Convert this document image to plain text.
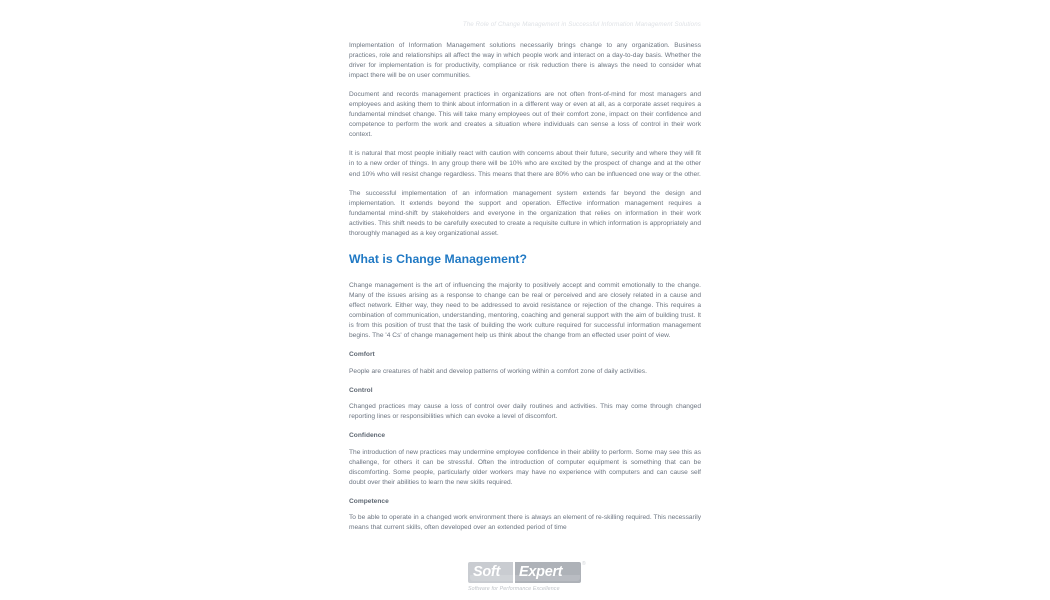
The Role of Change Management in Successful Information Management Solutions

Implementation of Information Management solutions necessarily brings change to any organization. Business practices, role and relationships all affect the way in which people work and interact on a day-to-day basis. Whether the driver for implementation is for productivity, compliance or risk reduction there is always the need to consider what impact there will be on user communities.

Document and records management practices in organizations are not often front-of-mind for most managers and employees and asking them to think about information in a different way or even at all, as a corporate asset requires a fundamental mindset change. This will take many employees out of their comfort zone, impact on their confidence and competence to perform the work and creates a situation where individuals can sense a loss of control in their work context.

It is natural that most people initially react with caution with concerns about their future, security and where they will fit in to a new order of things. In any group there will be 10% who are excited by the prospect of change and at the other end 10% who will resist change regardless. This means that there are 80% who can be influenced one way or the other.

The successful implementation of an information management system extends far beyond the design and implementation. It extends beyond the support and operation. Effective information management requires a fundamental mind-shift by stakeholders and everyone in the organization that relies on information in their work activities. This shift needs to be carefully executed to create a requisite culture in which information is appropriately and thoroughly managed as a key organizational asset.

What is Change Management?

Change management is the art of influencing the majority to positively accept and commit emotionally to the change. Many of the issues arising as a response to change can be real or perceived and are closely related in a cause and effect network. Either way, they need to be addressed to avoid resistance or rejection of the change. This requires a combination of communication, understanding, mentoring, coaching and general support with the aim of building trust. It is from this position of trust that the task of building the work culture required for successful information management begins. The '4 Cs' of change management help us think about the change from an effected user point of view.

Comfort

People are creatures of habit and develop patterns of working within a comfort zone of daily activities.

Control

Changed practices may cause a loss of control over daily routines and activities. This may come through changed reporting lines or responsibilities which can evoke a level of discomfort.

Confidence

The introduction of new practices may undermine employee confidence in their ability to perform. Some may see this as challenge, for others it can be stressful. Often the introduction of computer equipment is something that can be discomforting. Some people, particularly older workers may have no experience with computers and can cause self doubt over their abilities to learn the new skills required.

Competence

To be able to operate in a changed work environment there is always an element of re-skilling required. This necessarily means that current skills, often developed over an extended period of time

Soft Expert	®
Software for Performance Excellence
